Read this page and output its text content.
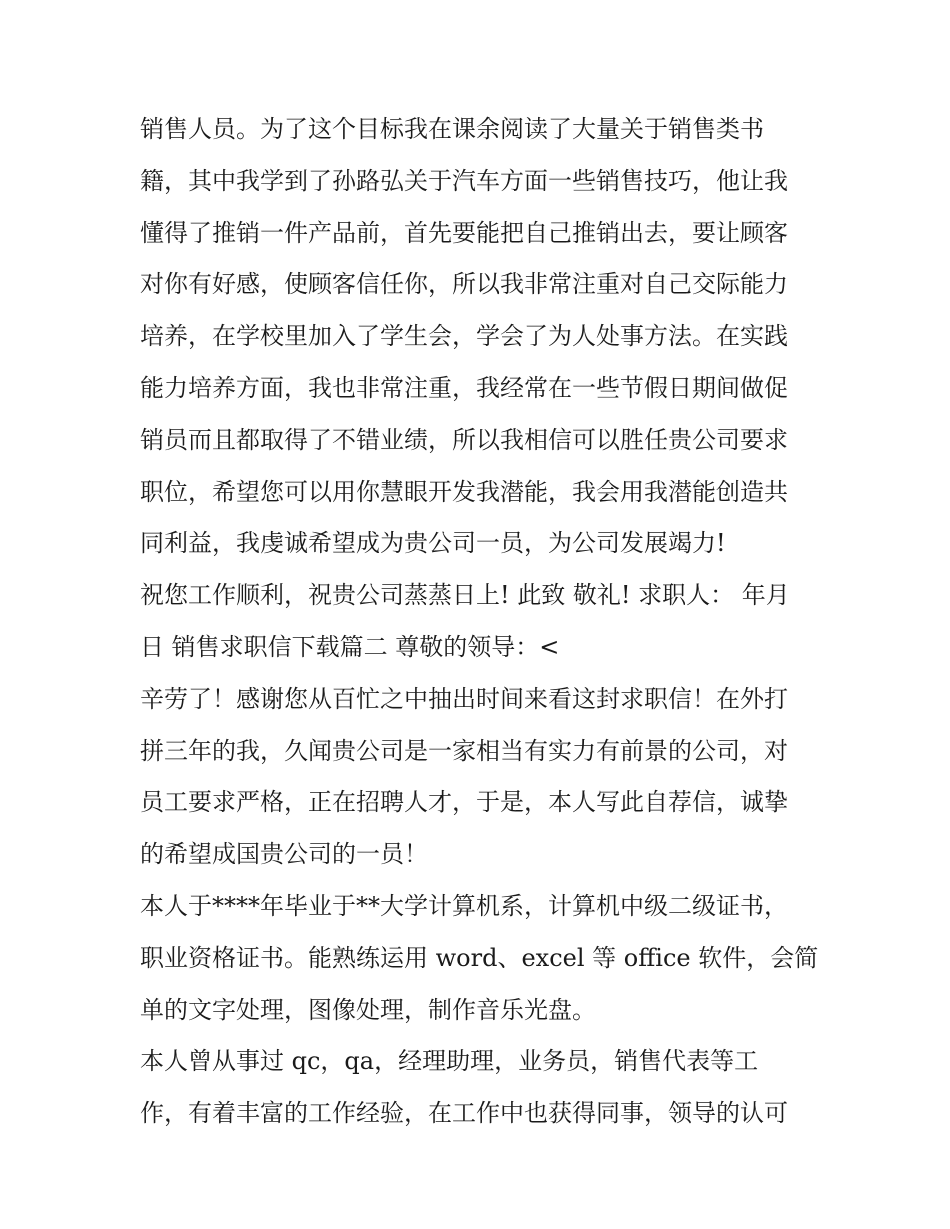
销售人员。为了这个目标我在课余阅读了大量关于销售类书
籍，其中我学到了孙路弘关于汽车方面一些销售技巧，他让我
懂得了推销一件产品前，首先要能把自己推销出去，要让顾客
对你有好感，使顾客信任你，所以我非常注重对自己交际能力
培养，在学校里加入了学生会，学会了为人处事方法。在实践
能力培养方面，我也非常注重，我经常在一些节假日期间做促
销员而且都取得了不错业绩，所以我相信可以胜任贵公司要求
职位，希望您可以用你慧眼开发我潜能，我会用我潜能创造共
同利益，我虔诚希望成为贵公司一员，为公司发展竭力!
祝您工作顺利，祝贵公司蒸蒸日上! 此致 敬礼! 求职人： 年月
日 销售求职信下载篇二 尊敬的领导：<
辛劳了！感谢您从百忙之中抽出时间来看这封求职信！在外打
拼三年的我，久闻贵公司是一家相当有实力有前景的公司，对
员工要求严格，正在招聘人才，于是，本人写此自荐信，诚挚
的希望成国贵公司的一员！
本人于****年毕业于**大学计算机系，计算机中级二级证书，
职业资格证书。能熟练运用 word、excel 等 office 软件，会简
单的文字处理，图像处理，制作音乐光盘。
本人曾从事过 qc，qa，经理助理，业务员，销售代表等工
作，有着丰富的工作经验，在工作中也获得同事，领导的认可
